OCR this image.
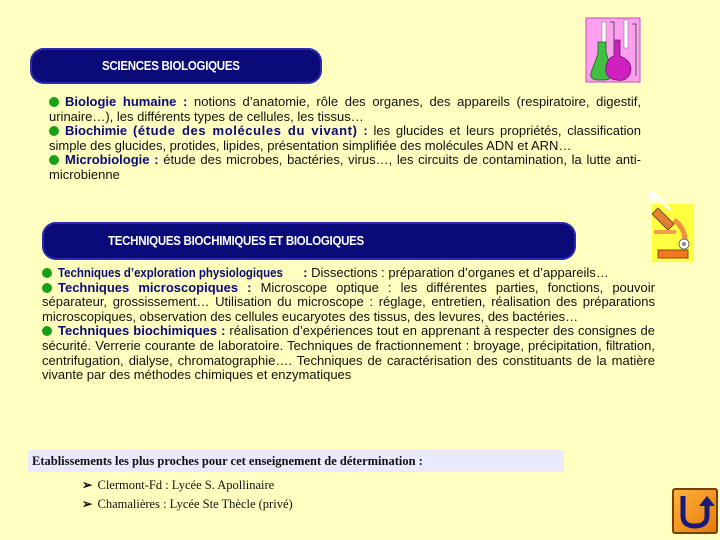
SCIENCES BIOLOGIQUES

Biologie humaine : notions d’anatomie, rôle des organes, des appareils (respiratoire, digestif, urinaire…), les différents types de cellules, les tissus…

Biochimie (étude des molécules du vivant) : les glucides et leurs propriétés, classification simple des glucides, protides, lipides, présentation simplifiée des molécules ADN et ARN…

Microbiologie : étude des microbes, bactéries, virus…, les circuits de contamination, la lutte anti-microbienne

TECHNIQUES BIOCHIMIQUES ET BIOLOGIQUES

Techniques d’exploration physiologiques : Dissections : préparation d’organes et d’appareils…

Techniques microscopiques : Microscope optique : les différentes parties, fonctions, pouvoir séparateur, grossissement… Utilisation du microscope : réglage, entretien, réalisation des préparations microscopiques, observation des cellules eucaryotes des tissus, des levures, des bactéries…

Techniques biochimiques : réalisation d’expériences tout en apprenant à respecter des consignes de sécurité. Verrerie courante de laboratoire. Techniques de fractionnement : broyage, précipitation, filtration, centrifugation, dialyse, chromatographie…. Techniques de caractérisation des constituants de la matière vivante par des méthodes chimiques et enzymatiques

Etablissements les plus proches pour cet enseignement de détermination :
➢ Clermont-Fd : Lycée S. Apollinaire
➢ Chamalières : Lycée Ste Thècle (privé)
